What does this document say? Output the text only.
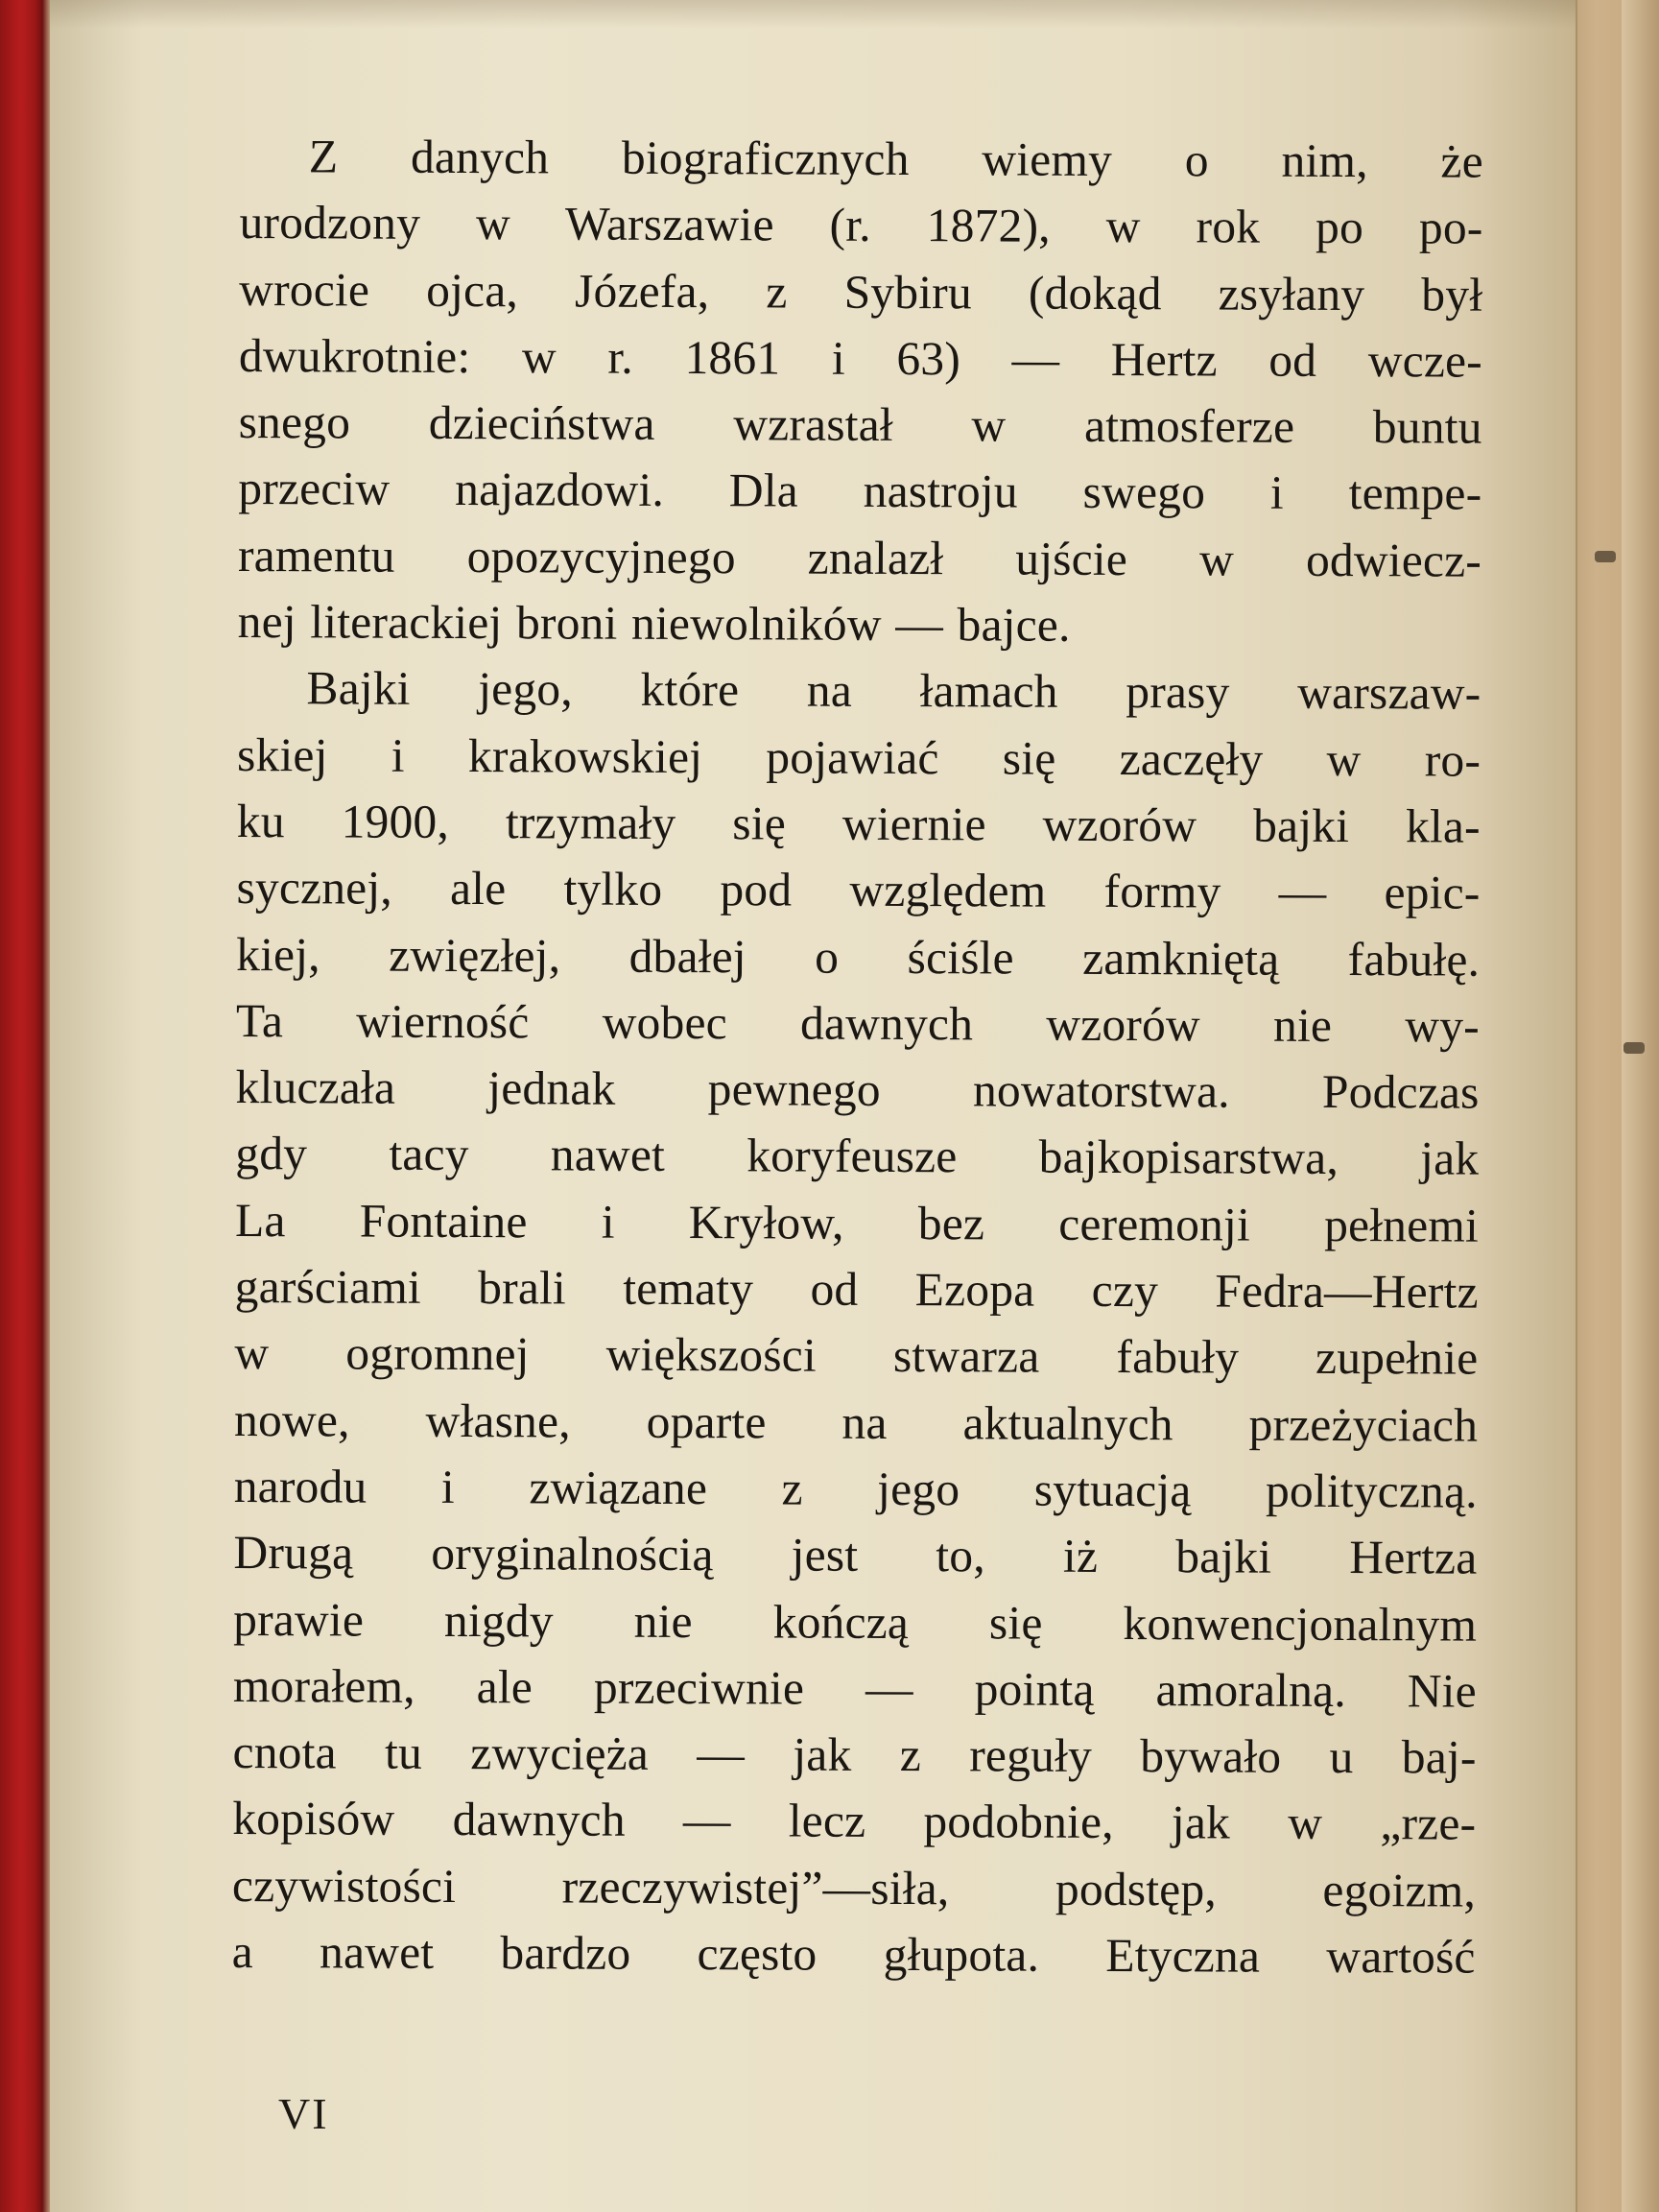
Z danych biograficznych wiemy o nim, że
urodzony w Warszawie (r. 1872), w rok po po-
wrocie ojca, Józefa, z Sybiru (dokąd zsyłany był
dwukrotnie: w r. 1861 i 63) — Hertz od wcze-
snego dzieciństwa wzrastał w atmosferze buntu
przeciw najazdowi. Dla nastroju swego i tempe-
ramentu opozycyjnego znalazł ujście w odwiecz-
nej literackiej broni niewolników — bajce.
Bajki jego, które na łamach prasy warszaw-
skiej i krakowskiej pojawiać się zaczęły w ro-
ku 1900, trzymały się wiernie wzorów bajki kla-
sycznej, ale tylko pod względem formy — epic-
kiej, zwięzłej, dbałej o ściśle zamkniętą fabułę.
Ta wierność wobec dawnych wzorów nie wy-
kluczała jednak pewnego nowatorstwa. Podczas
gdy tacy nawet koryfeusze bajkopisarstwa, jak
La Fontaine i Kryłow, bez ceremonji pełnemi
garściami brali tematy od Ezopa czy Fedra—Hertz
w ogromnej większości stwarza fabuły zupełnie
nowe, własne, oparte na aktualnych przeżyciach
narodu i związane z jego sytuacją polityczną.
Drugą oryginalnością jest to, iż bajki Hertza
prawie nigdy nie kończą się konwencjonalnym
morałem, ale przeciwnie — pointą amoralną. Nie
cnota tu zwycięża — jak z reguły bywało u baj-
kopisów dawnych — lecz podobnie, jak w „rze-
czywistości rzeczywistej”—siła, podstęp, egoizm,
a nawet bardzo często głupota. Etyczna wartość
VI
